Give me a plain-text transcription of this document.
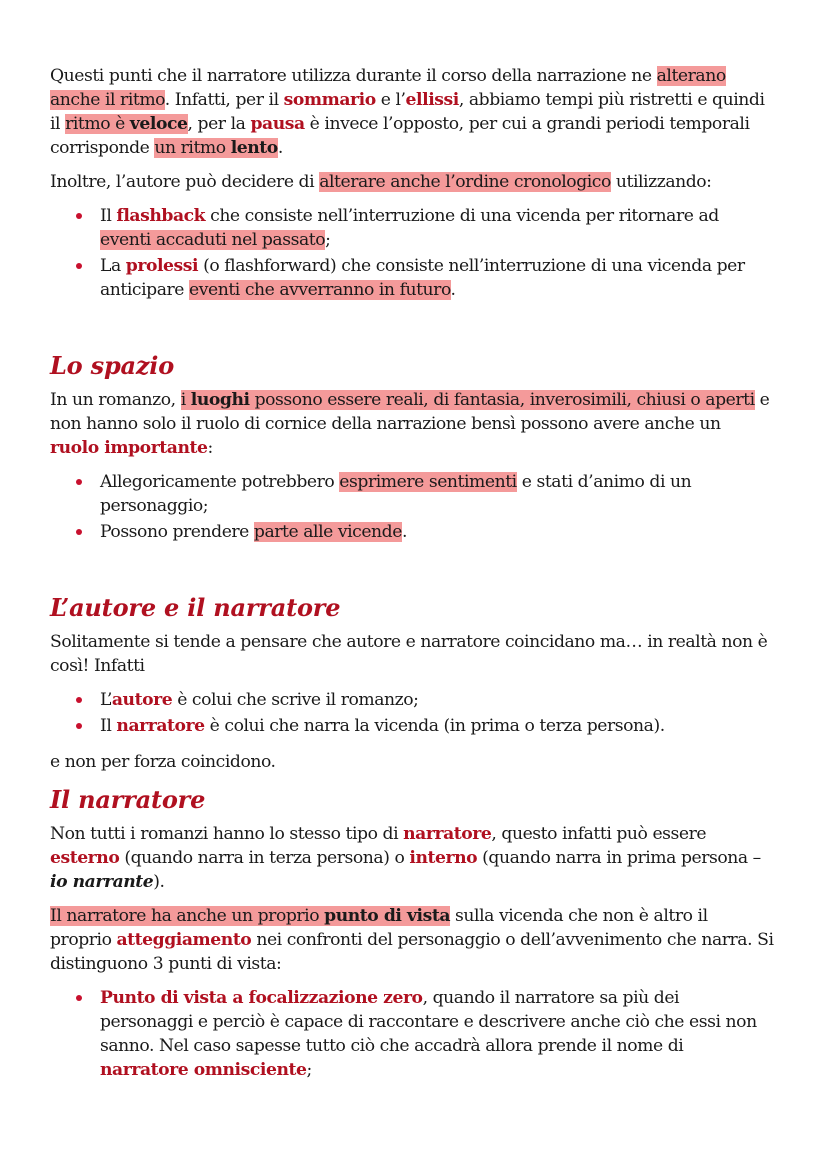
Questi punti che il narratore utilizza durante il corso della narrazione ne alterano anche il ritmo. Infatti, per il sommario e l’ellissi, abbiamo tempi più ristretti e quindi il ritmo è veloce, per la pausa è invece l’opposto, per cui a grandi periodi temporali corrisponde un ritmo lento.

Inoltre, l’autore può decidere di alterare anche l’ordine cronologico utilizzando:

Il flashback che consiste nell’interruzione di una vicenda per ritornare ad eventi accaduti nel passato;
La prolessi (o flashforward) che consiste nell’interruzione di una vicenda per anticipare eventi che avverranno in futuro.
Lo spazio

In un romanzo, i luoghi possono essere reali, di fantasia, inverosimili, chiusi o aperti e non hanno solo il ruolo di cornice della narrazione bensì possono avere anche un ruolo importante:

Allegoricamente potrebbero esprimere sentimenti e stati d’animo di un personaggio;
Possono prendere parte alle vicende.
L’autore e il narratore

Solitamente si tende a pensare che autore e narratore coincidano ma… in realtà non è così! Infatti

L’autore è colui che scrive il romanzo;
Il narratore è colui che narra la vicenda (in prima o terza persona).

e non per forza coincidono.

Il narratore

Non tutti i romanzi hanno lo stesso tipo di narratore, questo infatti può essere esterno (quando narra in terza persona) o interno (quando narra in prima persona – io narrante).

Il narratore ha anche un proprio punto di vista sulla vicenda che non è altro il proprio atteggiamento nei confronti del personaggio o dell’avvenimento che narra. Si distinguono 3 punti di vista:

Punto di vista a focalizzazione zero, quando il narratore sa più dei personaggi e perciò è capace di raccontare e descrivere anche ciò che essi non sanno. Nel caso sapesse tutto ciò che accadrà allora prende il nome di narratore omnisciente;
